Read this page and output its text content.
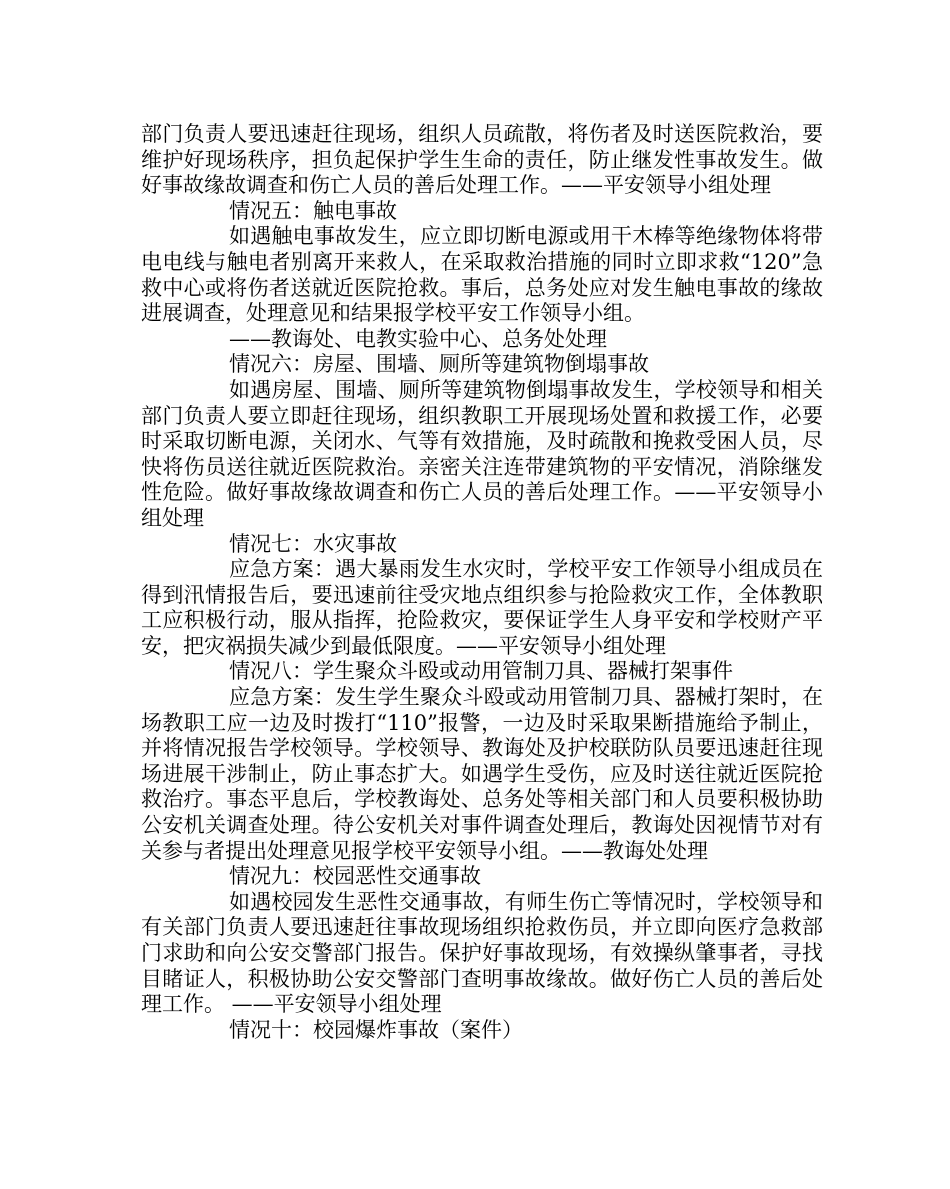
部门负责人要迅速赶往现场，组织人员疏散，将伤者及时送医院救治，要维护好现场秩序，担负起保护学生生命的责任，防止继发性事故发生。做好事故缘故调查和伤亡人员的善后处理工作。——平安领导小组处理

情况五：触电事故

如遇触电事故发生，应立即切断电源或用干木棒等绝缘物体将带电电线与触电者别离开来救人，在采取救治措施的同时立即求救“120”急救中心或将伤者送就近医院抢救。事后，总务处应对发生触电事故的缘故进展调查，处理意见和结果报学校平安工作领导小组。

——教诲处、电教实验中心、总务处处理

情况六：房屋、围墙、厕所等建筑物倒塌事故

如遇房屋、围墙、厕所等建筑物倒塌事故发生，学校领导和相关部门负责人要立即赶往现场，组织教职工开展现场处置和救援工作，必要时采取切断电源，关闭水、气等有效措施，及时疏散和挽救受困人员，尽快将伤员送往就近医院救治。亲密关注连带建筑物的平安情况，消除继发性危险。做好事故缘故调查和伤亡人员的善后处理工作。——平安领导小组处理

情况七：水灾事故

应急方案：遇大暴雨发生水灾时，学校平安工作领导小组成员在得到汛情报告后，要迅速前往受灾地点组织参与抢险救灾工作，全体教职工应积极行动，服从指挥，抢险救灾，要保证学生人身平安和学校财产平安，把灾祸损失减少到最低限度。——平安领导小组处理

情况八：学生聚众斗殴或动用管制刀具、器械打架事件

应急方案：发生学生聚众斗殴或动用管制刀具、器械打架时，在场教职工应一边及时拨打“110”报警，一边及时采取果断措施给予制止，并将情况报告学校领导。学校领导、教诲处及护校联防队员要迅速赶往现场进展干涉制止，防止事态扩大。如遇学生受伤，应及时送往就近医院抢救治疗。事态平息后，学校教诲处、总务处等相关部门和人员要积极协助公安机关调查处理。待公安机关对事件调查处理后，教诲处因视情节对有关参与者提出处理意见报学校平安领导小组。——教诲处处理

情况九：校园恶性交通事故

如遇校园发生恶性交通事故，有师生伤亡等情况时，学校领导和有关部门负责人要迅速赶往事故现场组织抢救伤员，并立即向医疗急救部门求助和向公安交警部门报告。保护好事故现场，有效操纵肇事者，寻找目睹证人，积极协助公安交警部门查明事故缘故。做好伤亡人员的善后处理工作。 ——平安领导小组处理

情况十：校园爆炸事故（案件）
